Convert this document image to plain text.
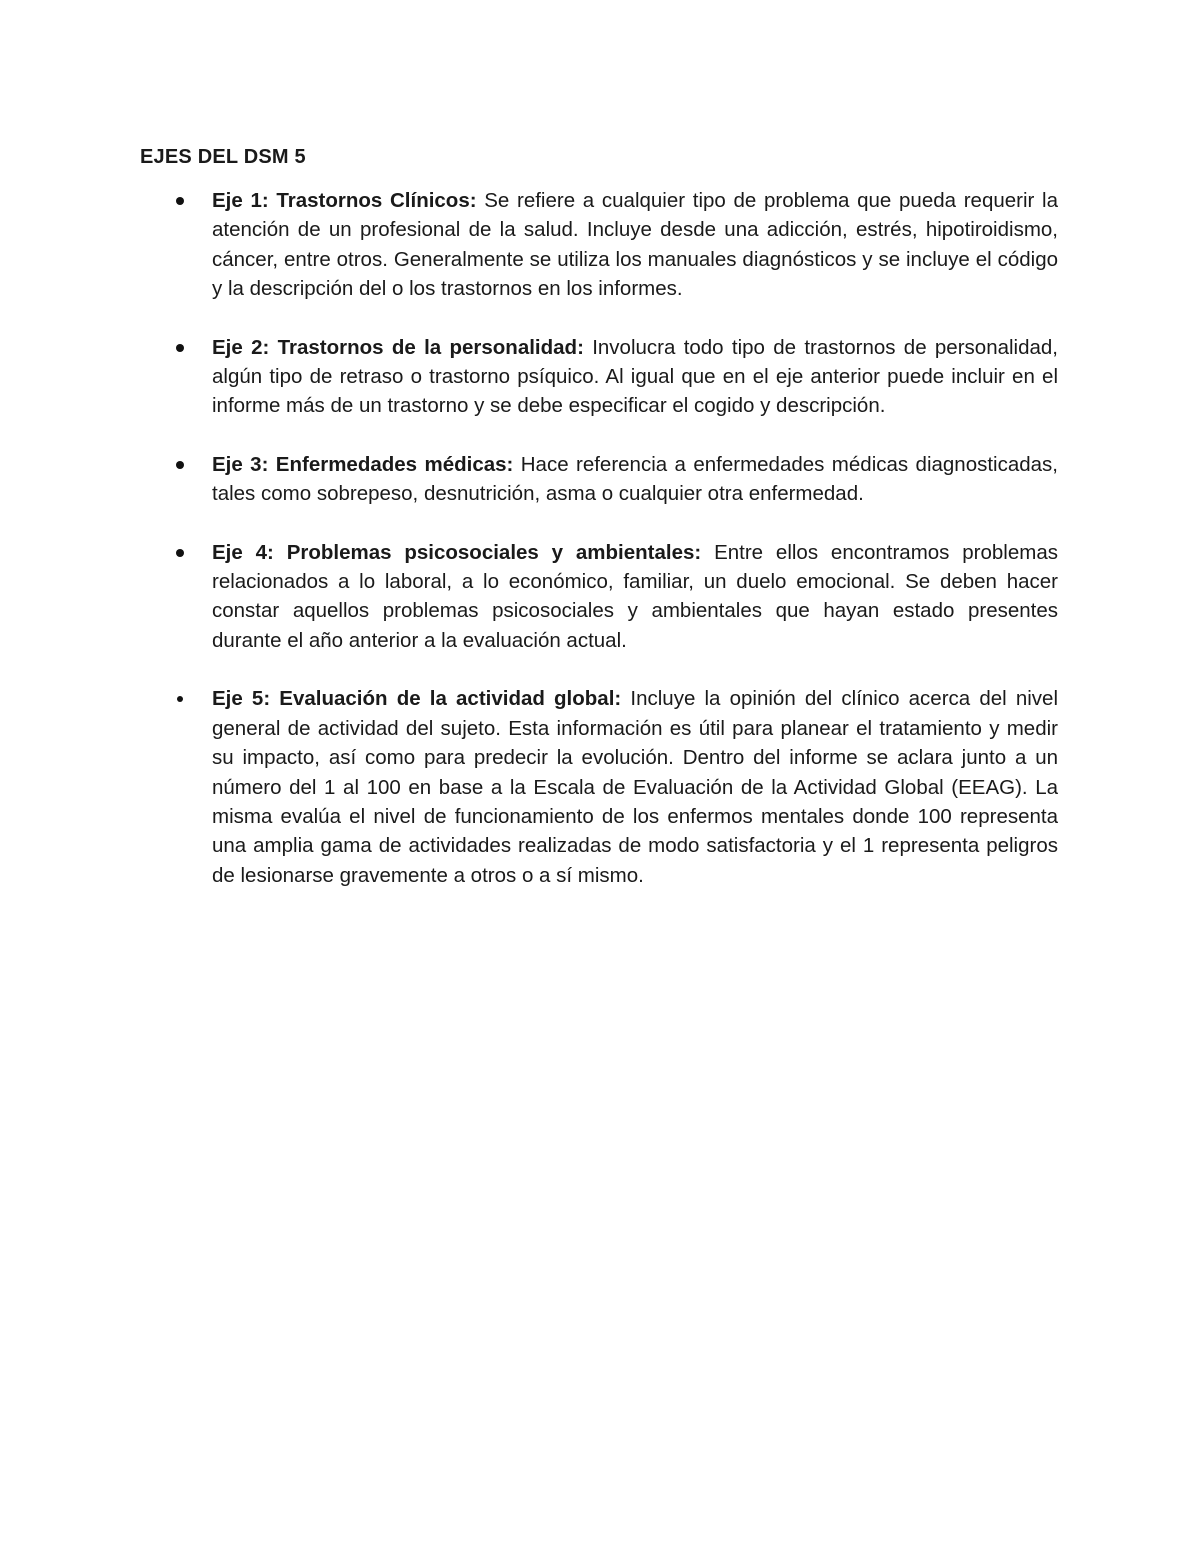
EJES DEL DSM 5
Eje 1: Trastornos Clínicos: Se refiere a cualquier tipo de problema que pueda requerir la atención de un profesional de la salud. Incluye desde una adicción, estrés, hipotiroidismo, cáncer, entre otros. Generalmente se utiliza los manuales diagnósticos y se incluye el código y la descripción del o los trastornos en los informes.
Eje 2: Trastornos de la personalidad: Involucra todo tipo de trastornos de personalidad, algún tipo de retraso o trastorno psíquico. Al igual que en el eje anterior puede incluir en el informe más de un trastorno y se debe especificar el cogido y descripción.
Eje 3: Enfermedades médicas: Hace referencia a enfermedades médicas diagnosticadas, tales como sobrepeso, desnutrición, asma o cualquier otra enfermedad.
Eje 4: Problemas psicosociales y ambientales: Entre ellos encontramos problemas relacionados a lo laboral, a lo económico, familiar, un duelo emocional. Se deben hacer constar aquellos problemas psicosociales y ambientales que hayan estado presentes durante el año anterior a la evaluación actual.
Eje 5: Evaluación de la actividad global: Incluye la opinión del clínico acerca del nivel general de actividad del sujeto. Esta información es útil para planear el tratamiento y medir su impacto, así como para predecir la evolución. Dentro del informe se aclara junto a un número del 1 al 100 en base a la Escala de Evaluación de la Actividad Global (EEAG). La misma evalúa el nivel de funcionamiento de los enfermos mentales donde 100 representa una amplia gama de actividades realizadas de modo satisfactoria y el 1 representa peligros de lesionarse gravemente a otros o a sí mismo.
